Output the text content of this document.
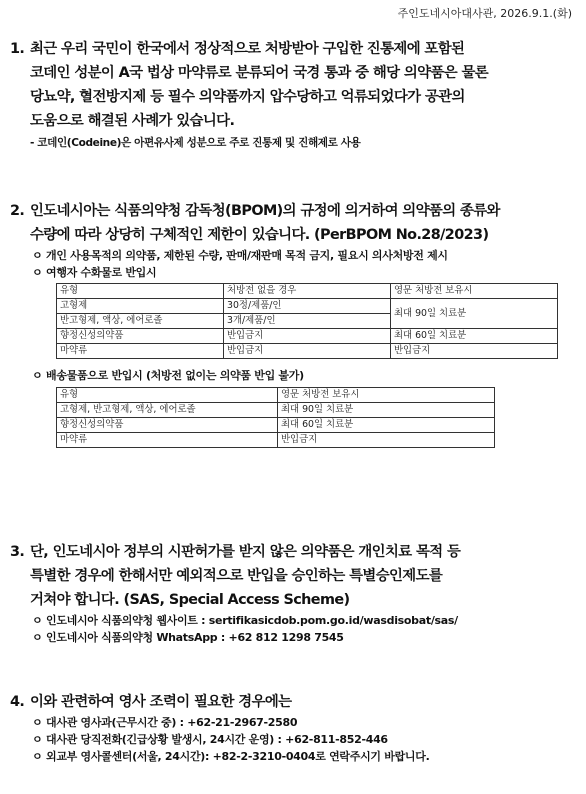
주인도네시아대사관, 2026.9.1.(화)
1. 최근 우리 국민이 한국에서 정상적으로 처방받아 구입한 진통제에 포함된
코데인 성분이 A국 법상 마약류로 분류되어 국경 통과 중 해당 의약품은 물론
당뇨약, 혈전방지제 등 필수 의약품까지 압수당하고 억류되었다가 공관의
도움으로 해결된 사례가 있습니다.
- 코데인(Codeine)은 아편유사제 성분으로 주로 진통제 및 진해제로 사용
2. 인도네시아는 식품의약청 감독청(BPOM)의 규정에 의거하여 의약품의 종류와
수량에 따라 상당히 구체적인 제한이 있습니다. (PerBPOM No.28/2023)
ㅇ 개인 사용목적의 의약품, 제한된 수량, 판매/재판매 목적 금지, 필요시 의사처방전 제시
ㅇ 여행자 수화물로 반입시
유형	처방전 없을 경우	영문 처방전 보유시
고형제	30정/제품/인	최대 90일 치료분
반고형제, 액상, 에어로졸	3개/제품/인	
향정신성의약품	반입금지	최대 60일 치료분
마약류	반입금지	반입금지
ㅇ 배송물품으로 반입시 (처방전 없이는 의약품 반입 불가)
유형	영문 처방전 보유시
고형제, 반고형제, 액상, 에어로졸	최대 90일 치료분
향정신성의약품	최대 60일 치료분
마약류	반입금지
3. 단, 인도네시아 정부의 시판허가를 받지 않은 의약품은 개인치료 목적 등
특별한 경우에 한해서만 예외적으로 반입을 승인하는 특별승인제도를
거쳐야 합니다. (SAS, Special Access Scheme)
ㅇ 인도네시아 식품의약청 웹사이트 : sertifikasicdob.pom.go.id/wasdisobat/sas/
ㅇ 인도네시아 식품의약청 WhatsApp : +62 812 1298 7545
4. 이와 관련하여 영사 조력이 필요한 경우에는
ㅇ 대사관 영사과(근무시간 중) : +62-21-2967-2580
ㅇ 대사관 당직전화(긴급상황 발생시, 24시간 운영) : +62-811-852-446
ㅇ 외교부 영사콜센터(서울, 24시간): +82-2-3210-0404로 연락주시기 바랍니다.
